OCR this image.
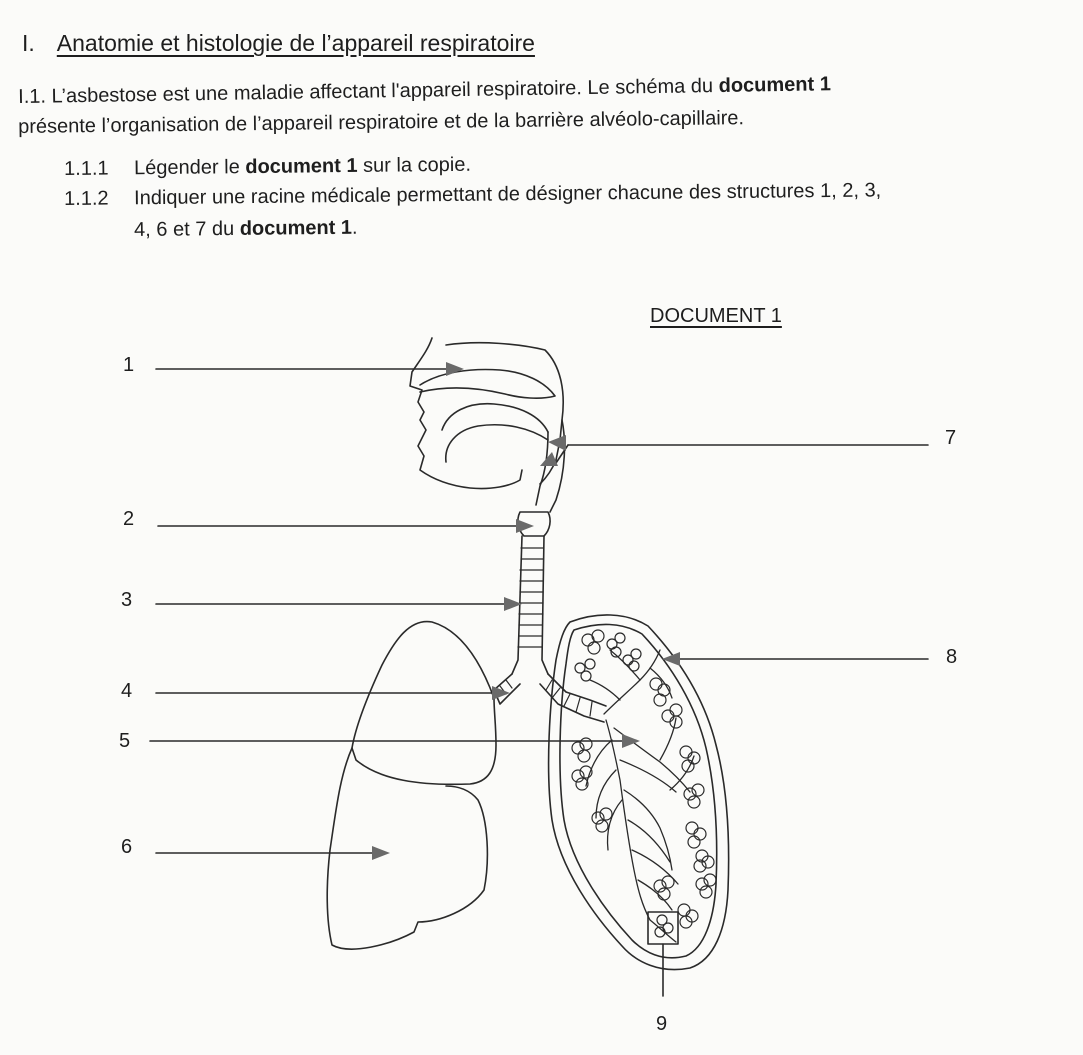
I. Anatomie et histologie de l’appareil respiratoire
I.1. L’asbestose est une maladie affectant l'appareil respiratoire. Le schéma du document 1
présente l’organisation de l’appareil respiratoire et de la barrière alvéolo-capillaire.
1.1.1 Légender le document 1 sur la copie.
1.1.2 Indiquer une racine médicale permettant de désigner chacune des structures 1, 2, 3,
4, 6 et 7 du document 1.
DOCUMENT 1
1
2
3
4
5
6
7
8
9
